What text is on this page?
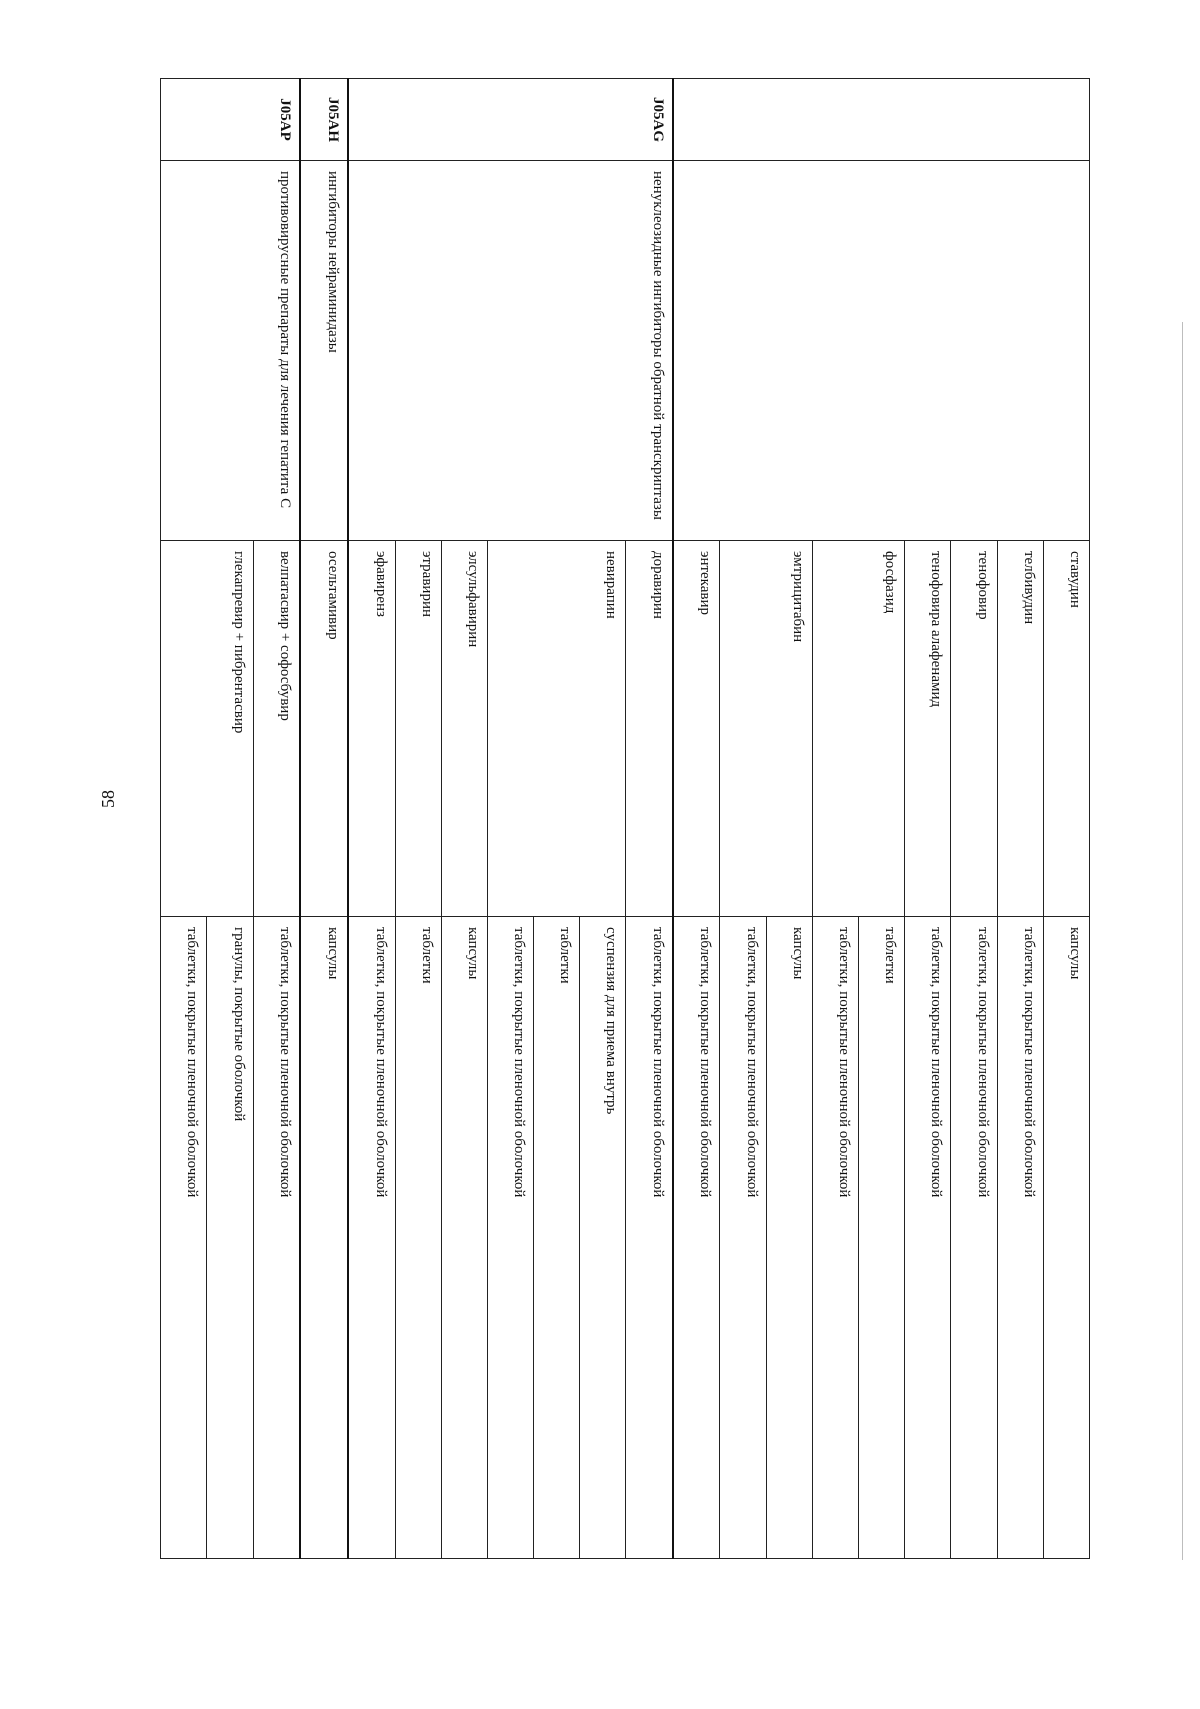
58
		ставудин	капсулы
		телбивудин	таблетки, покрытые пленочной оболочкой
		тенофовир	таблетки, покрытые пленочной оболочкой
		тенофовира алафенамид	таблетки, покрытые пленочной оболочкой
		фосфазид	таблетки
			таблетки, покрытые пленочной оболочкой
		эмтрицитабин	капсулы
			таблетки, покрытые пленочной оболочкой
		энтекавир	таблетки, покрытые пленочной оболочкой
J05AG	ненуклеозидные ингибиторы обратной транскриптазы	доравирин	таблетки, покрытые пленочной оболочкой
		невирапин	суспензия для приема внутрь
			таблетки
			таблетки, покрытые пленочной оболочкой
		элсульфавирин	капсулы
		этравирин	таблетки
		эфавиренз	таблетки, покрытые пленочной оболочкой
J05AH	ингибиторы нейраминидазы	осельтамивир	капсулы
J05AP	противовирусные препараты для лечения гепатита С	велпатасвир + софосбувир	таблетки, покрытые пленочной оболочкой
		глекапревир + пибрентасвир	гранулы, покрытые оболочкой
			таблетки, покрытые пленочной оболочкой
